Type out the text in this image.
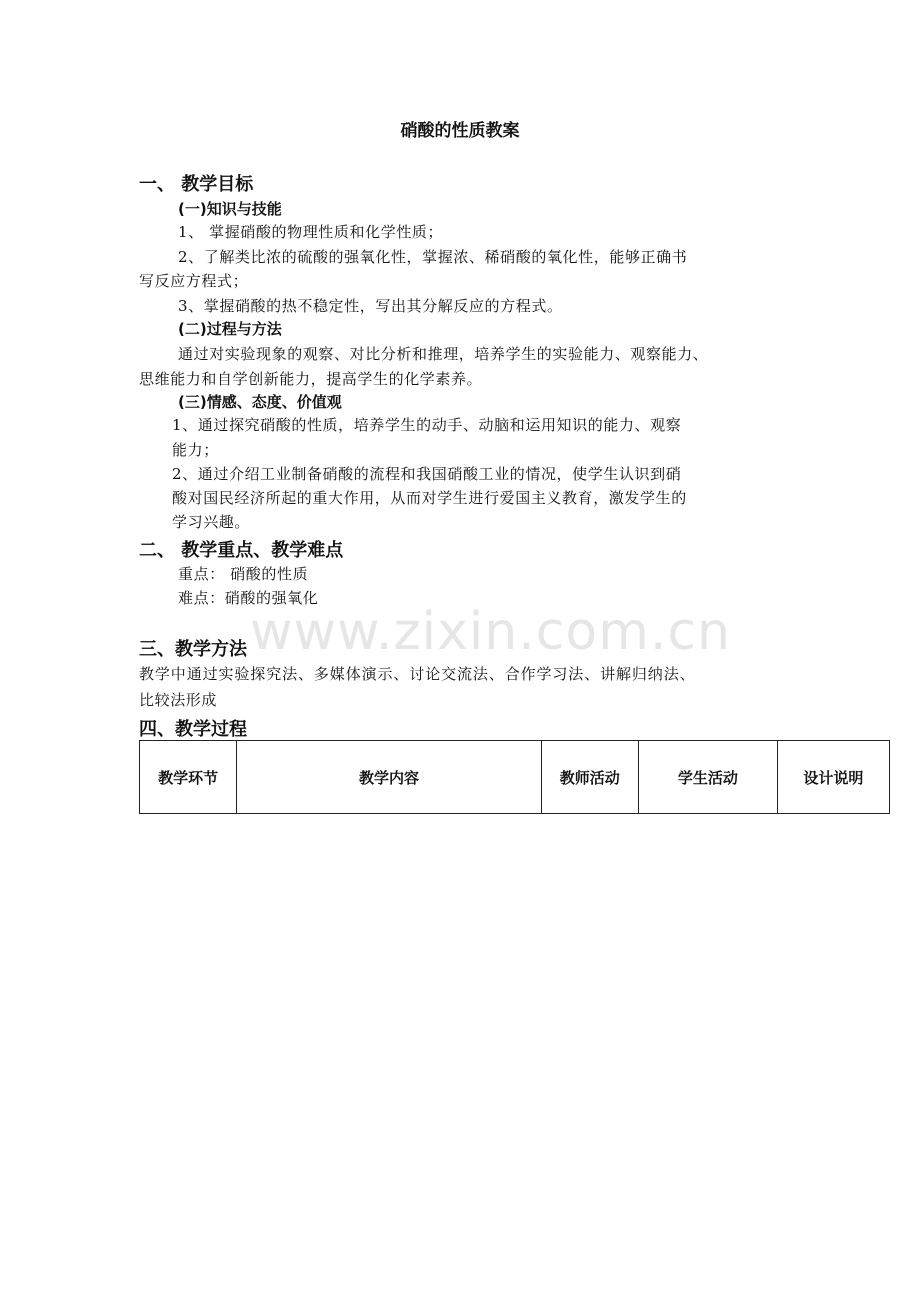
www.zixin.com.cn
硝酸的性质教案
一、 教学目标
(一)知识与技能
1、 掌握硝酸的物理性质和化学性质；
2、了解类比浓的硫酸的强氧化性，掌握浓、稀硝酸的氧化性，能够正确书
写反应方程式；
3、掌握硝酸的热不稳定性，写出其分解反应的方程式。
(二)过程与方法
通过对实验现象的观察、对比分析和推理，培养学生的实验能力、观察能力、
思维能力和自学创新能力，提高学生的化学素养。
(三)情感、态度、价值观
1、通过探究硝酸的性质，培养学生的动手、动脑和运用知识的能力、观察
能力；
2、通过介绍工业制备硝酸的流程和我国硝酸工业的情况，使学生认识到硝
酸对国民经济所起的重大作用，从而对学生进行爱国主义教育，激发学生的
学习兴趣。
二、 教学重点、教学难点
重点： 硝酸的性质
难点：硝酸的强氧化
三、教学方法
教学中通过实验探究法、多媒体演示、讨论交流法、合作学习法、讲解归纳法、
比较法形成
四、教学过程
教学环节	教学内容	教师活动	学生活动	设计说明
